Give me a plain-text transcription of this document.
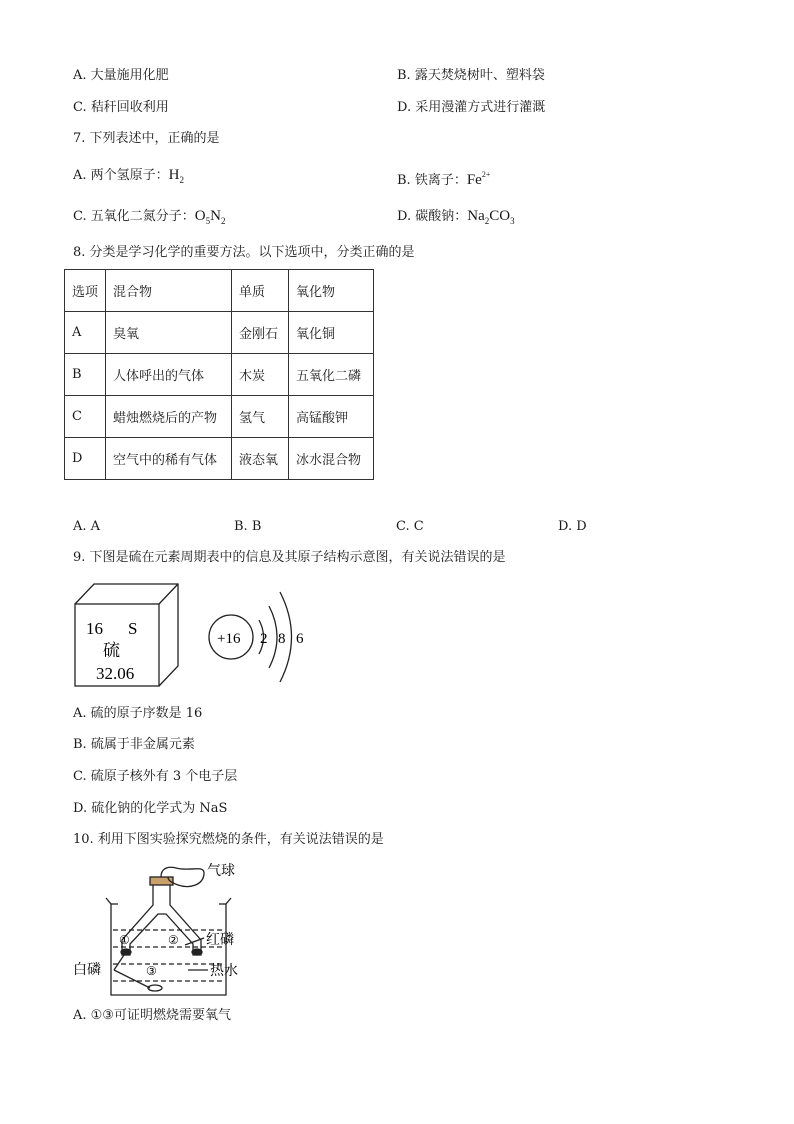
A. 大量施用化肥	B. 露天焚烧树叶、塑料袋
C. 秸秆回收利用	D. 采用漫灌方式进行灌溉
7. 下列表述中，正确的是
A. 两个氢原子：$H_2$	B. 铁离子：$Fe^{2+}$
C. 五氧化二氮分子：$O_5N_2$	D. 碳酸钠：$Na_2CO_3$
8. 分类是学习化学的重要方法。以下选项中，分类正确的是
选项	混合物	单质	氧化物
A	臭氧	金刚石	氧化铜
B	人体呼出的气体	木炭	五氧化二磷
C	蜡烛燃烧后的产物	氢气	高锰酸钾
D	空气中的稀有气体	液态氧	冰水混合物
A. A	B. B	C. C	D. D
9. 下图是硫在元素周期表中的信息及其原子结构示意图，有关说法错误的是
16 S
硫
32.06
+16 2 8 6
气球
红磷
白磷	热水
①	②
③
A. 硫的原子序数是 16
B. 硫属于非金属元素
C. 硫原子核外有 3 个电子层
D. 硫化钠的化学式为 NaS
10. 利用下图实验探究燃烧的条件，有关说法错误的是
A. ①③可证明燃烧需要氧气
